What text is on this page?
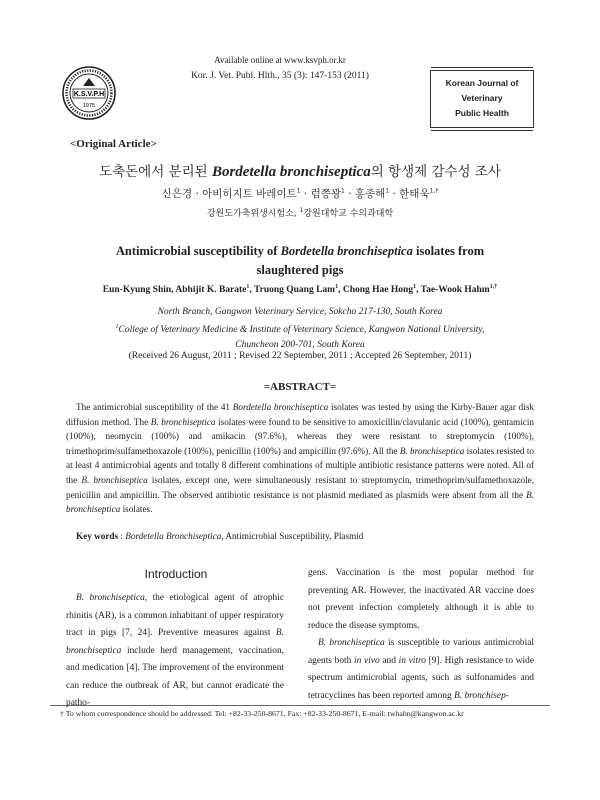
K.S.V.P.H
1975
Available online at www.ksvph.or.kr
Kor. J. Vet. Publ. Hlth., 35 (3): 147-153 (2011)
Korean Journal of
Veterinary
Public Health
<Original Article>
도축돈에서 분리된 Bordetella bronchiseptica의 항생제 감수성 조사
신은경 · 아비히지트 바레이트$^1$ · 럼쯩꽝$^1$ · 홍종해$^1$ · 한태욱$^{1,\dagger}$
강원도가축위생시험소, $^1$강원대학교 수의과대학
Antimicrobial susceptibility of Bordetella bronchiseptica isolates from
slaughtered pigs
Eun-Kyung Shin, Abhijit K. Barate$^1$, Truong Quang Lam$^1$, Chong Hae Hong$^1$, Tae-Wook Hahm$^{1,\dagger}$
North Branch, Gangwon Veterinary Service, Sokcho 217-130, South Korea
$^1$College of Veterinary Medicine & Institute of Veterinary Science, Kangwon National University,
Chuncheon 200-701, South Korea
(Received 26 August, 2011 ; Revised 22 September, 2011 ; Accepted 26 September, 2011)
=ABSTRACT=
The antimicrobial susceptibility of the 41 Bordetella bronchiseptica isolates was tested by using the Kirby-Bauer agar disk diffusion method. The B. bronchiseptica isolates were found to be sensitive to amoxicillin/clavulanic acid (100%), gentamicin (100%), neomycin (100%) and amikacin (97.6%), whereas they were resistant to streptomycin (100%), trimethoprim/sulfamethoxazole (100%), penicillin (100%) and ampicillin (97.6%). All the B. bronchiseptica isolates resisted to at least 4 antimicrobial agents and totally 8 different combinations of multiple antibiotic resistance patterns were noted. All of the B. bronchiseptica isolates, except one, were simultaneously resistant to streptomycin, trimethoprim/sulfamethoxazole, penicillin and ampicillin. The observed antibiotic resistance is not plasmid mediated as plasmids were absent from all the B. bronchiseptica isolates.
Key words : Bordetella Bronchiseptica, Antimicrobial Susceptibility, Plasmid
Introduction

B. bronchiseptica, the etiological agent of atrophic rhinitis (AR), is a common inhabitant of upper respiratory tract in pigs [7, 24]. Preventive measures against B. bronchiseptica include herd management, vaccination, and medication [4]. The improvement of the environment can reduce the outbreak of AR, but cannot eradicate the patho-

gens. Vaccination is the most popular method for preventing AR. However, the inactivated AR vaccine does not prevent infection completely although it is able to reduce the disease symptoms.

B. bronchiseptica is susceptible to various antimicrobial agents both in vivo and in vitro [9]. High resistance to wide spectrum antimicrobial agents, such as sulfonamides and tetracyclines has been reported among B. bronchisep-

† To whom correspondence should be addressed. Tel: +82-33-250-8671, Fax: +82-33-250-8671, E-mail: twhahn@kangwon.ac.kr
